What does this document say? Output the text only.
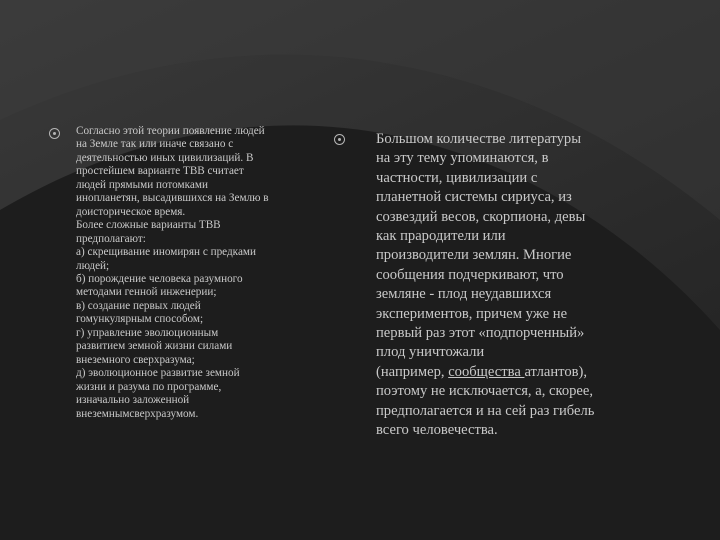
Согласно этой теории появление людей
на Земле так или иначе связано с
деятельностью иных цивилизаций. В
простейшем варианте ТВВ считает
людей прямыми потомками
инопланетян, высадившихся на Землю в
доисторическое время.
Более сложные варианты ТВВ
предполагают:
а) скрещивание иномирян с предками
людей;
б) порождение человека разумного
методами генной инженерии;
в) создание первых людей
гомункулярным способом;
г) управление эволюционным
развитием земной жизни силами
внеземного сверхразума;
д) эволюционное развитие земной
жизни и разума по программе,
изначально заложенной
внеземнымсверхразумом.

Большом количестве литературы
на эту тему упоминаются, в
частности, цивилизации с
планетной системы сириуса, из
созвездий весов, скорпиона, девы
как прародители или
производители землян. Многие
сообщения подчеркивают, что
земляне - плод неудавшихся
экспериментов, причем уже не
первый раз этот «подпорченный»
плод уничтожали
(например, сообщества атлантов),
поэтому не исключается, а, скорее,
предполагается и на сей раз гибель
всего человечества.
